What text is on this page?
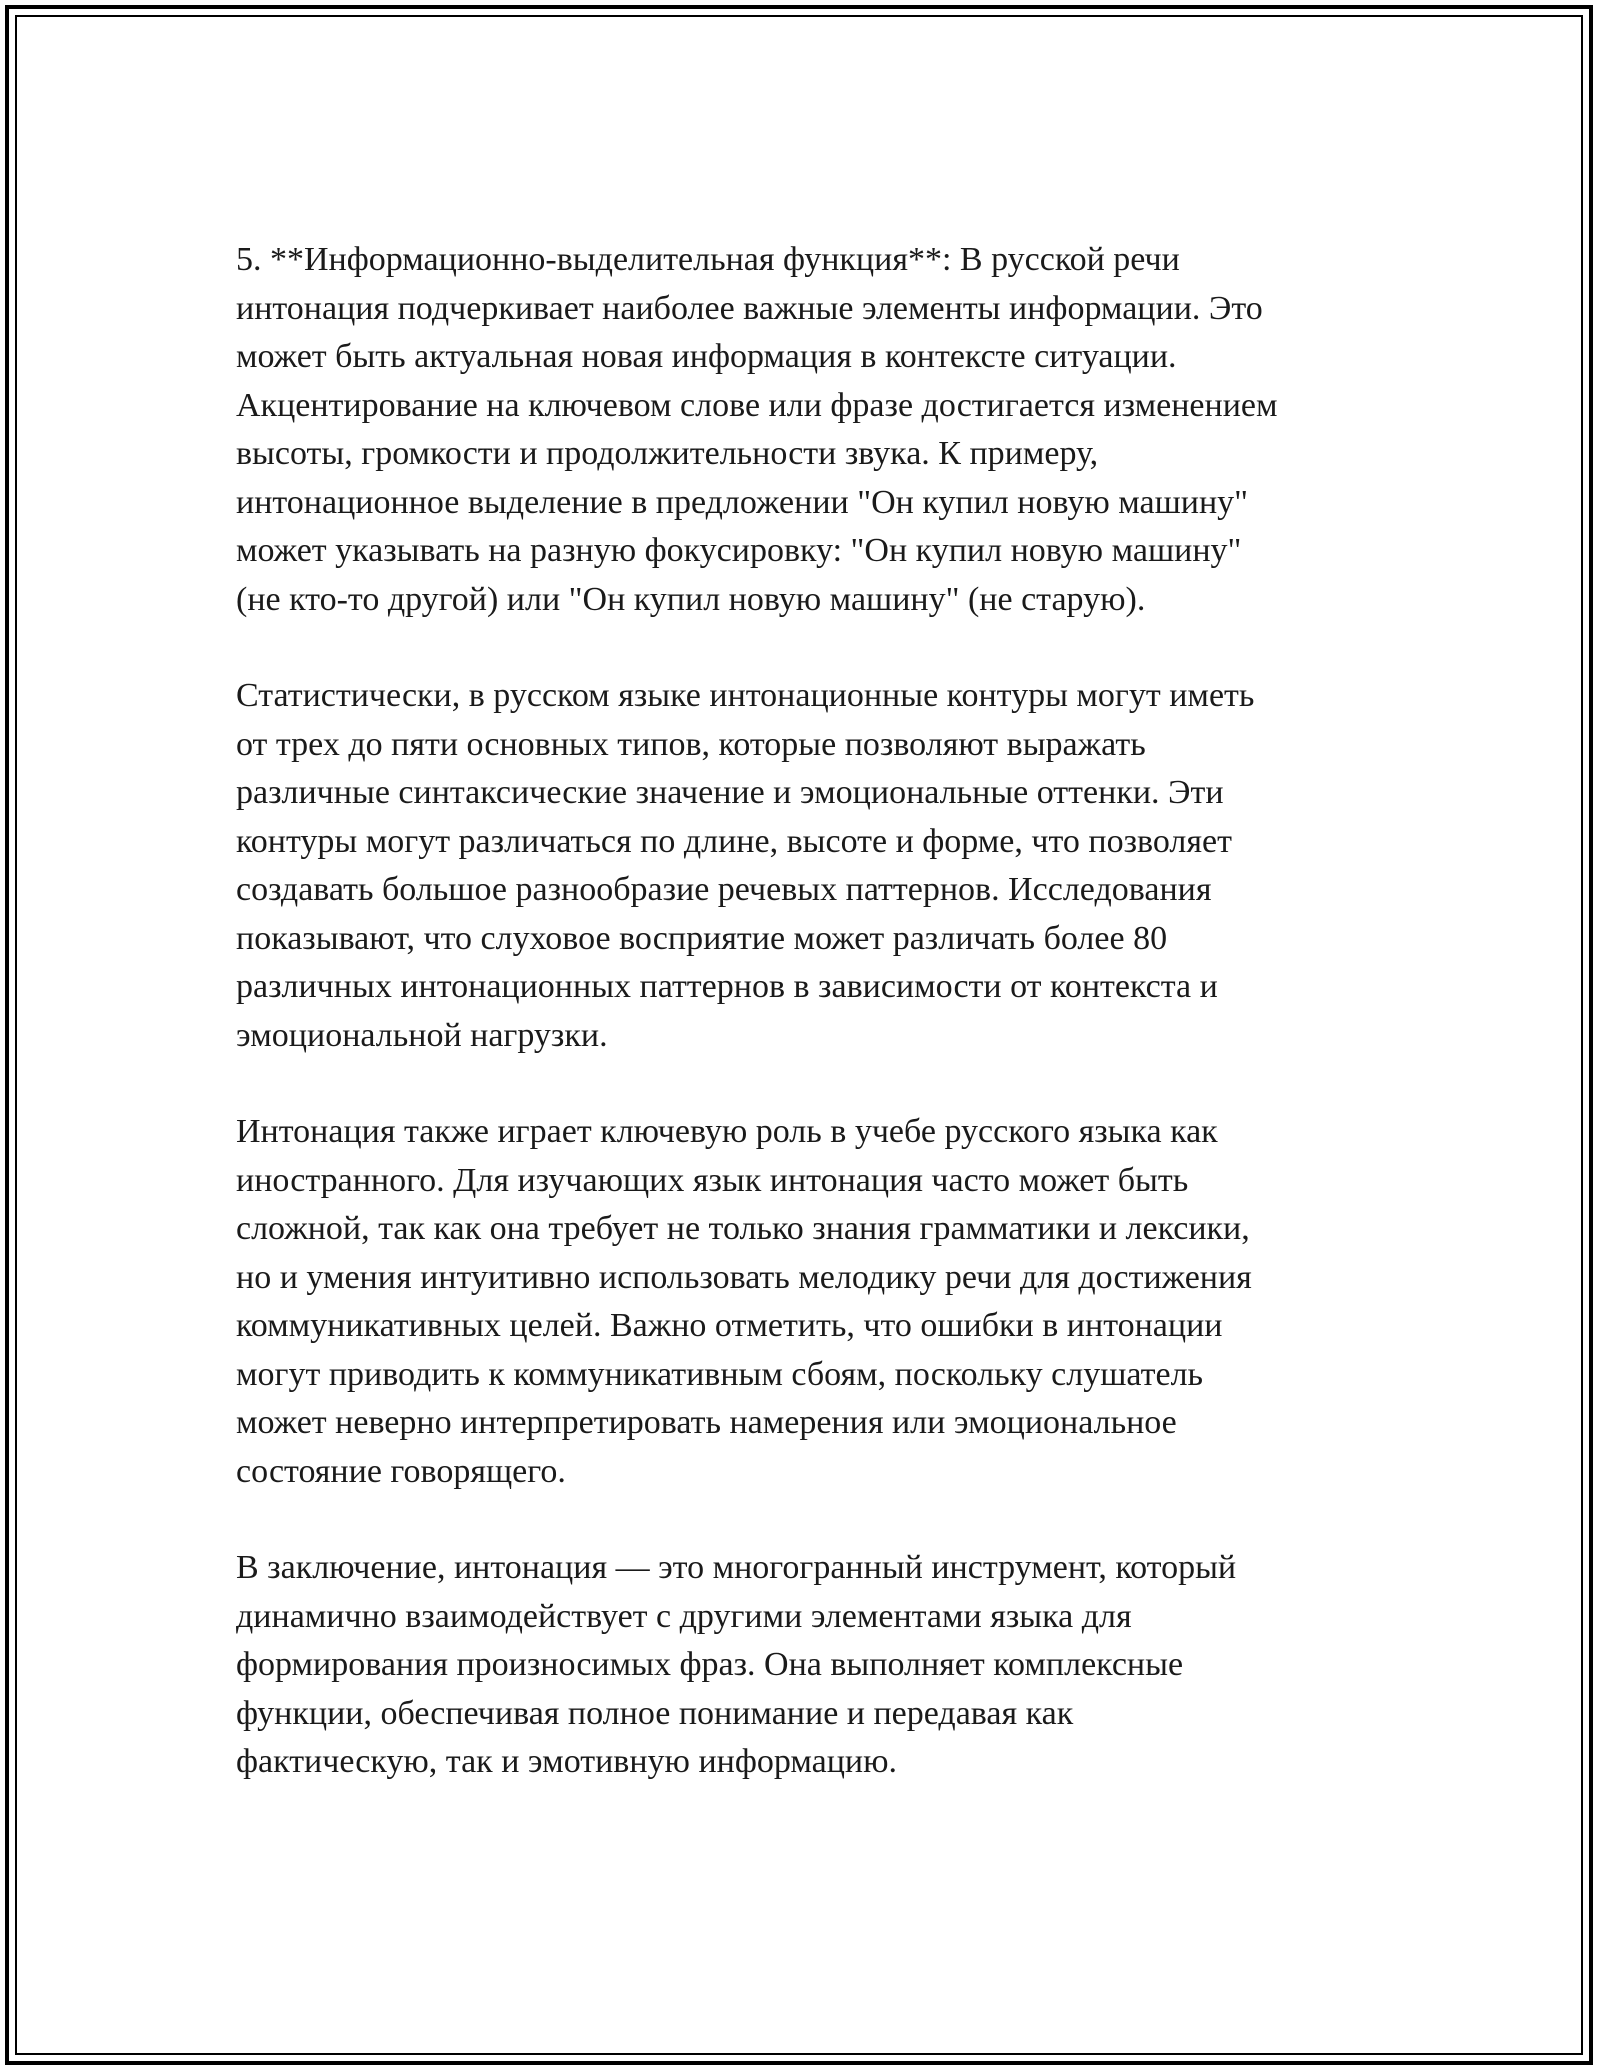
5. **Информационно-выделительная функция**: В русской речи
интонация подчеркивает наиболее важные элементы информации. Это
может быть актуальная новая информация в контексте ситуации.
Акцентирование на ключевом слове или фразе достигается изменением
высоты, громкости и продолжительности звука. К примеру,
интонационное выделение в предложении "Он купил новую машину"
может указывать на разную фокусировку: "Он купил новую машину"
(не кто-то другой) или "Он купил новую машину" (не старую).

Статистически, в русском языке интонационные контуры могут иметь
от трех до пяти основных типов, которые позволяют выражать
различные синтаксические значение и эмоциональные оттенки. Эти
контуры могут различаться по длине, высоте и форме, что позволяет
создавать большое разнообразие речевых паттернов. Исследования
показывают, что слуховое восприятие может различать более 80
различных интонационных паттернов в зависимости от контекста и
эмоциональной нагрузки.

Интонация также играет ключевую роль в учебе русского языка как
иностранного. Для изучающих язык интонация часто может быть
сложной, так как она требует не только знания грамматики и лексики,
но и умения интуитивно использовать мелодику речи для достижения
коммуникативных целей. Важно отметить, что ошибки в интонации
могут приводить к коммуникативным сбоям, поскольку слушатель
может неверно интерпретировать намерения или эмоциональное
состояние говорящего.

В заключение, интонация — это многогранный инструмент, который
динамично взаимодействует с другими элементами языка для
формирования произносимых фраз. Она выполняет комплексные
функции, обеспечивая полное понимание и передавая как
фактическую, так и эмотивную информацию.
